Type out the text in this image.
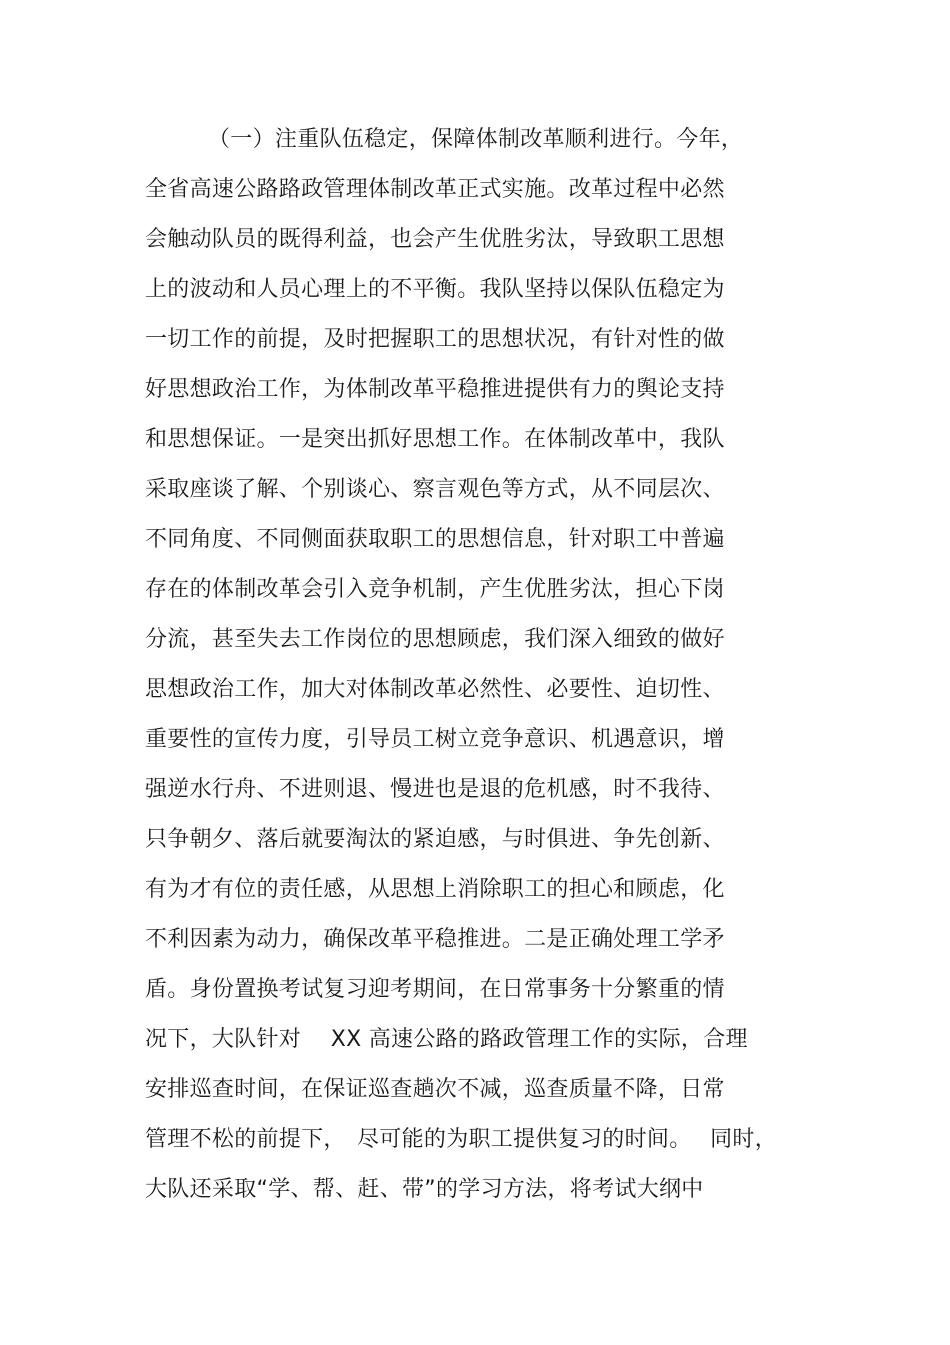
（一）注重队伍稳定，保障体制改革顺利进行。今年，
全省高速公路路政管理体制改革正式实施。改革过程中必然
会触动队员的既得利益，也会产生优胜劣汰，导致职工思想
上的波动和人员心理上的不平衡。我队坚持以保队伍稳定为
一切工作的前提，及时把握职工的思想状况，有针对性的做
好思想政治工作，为体制改革平稳推进提供有力的舆论支持
和思想保证。一是突出抓好思想工作。在体制改革中，我队
采取座谈了解、个别谈心、察言观色等方式，从不同层次、
不同角度、不同侧面获取职工的思想信息，针对职工中普遍
存在的体制改革会引入竞争机制，产生优胜劣汰，担心下岗
分流，甚至失去工作岗位的思想顾虑，我们深入细致的做好
思想政治工作，加大对体制改革必然性、必要性、迫切性、
重要性的宣传力度，引导员工树立竞争意识、机遇意识，增
强逆水行舟、不进则退、慢进也是退的危机感，时不我待、
只争朝夕、落后就要淘汰的紧迫感，与时俱进、争先创新、
有为才有位的责任感，从思想上消除职工的担心和顾虑，化
不利因素为动力，确保改革平稳推进。二是正确处理工学矛
盾。身份置换考试复习迎考期间，在日常事务十分繁重的情
况下，大队针对　 XX 高速公路的路政管理工作的实际，合理
安排巡查时间，在保证巡查趟次不减，巡查质量不降，日常
管理不松的前提下，　尽可能的为职工提供复习的时间。　 同时，
大队还采取“学、帮、赶、带”的学习方法，将考试大纲中
